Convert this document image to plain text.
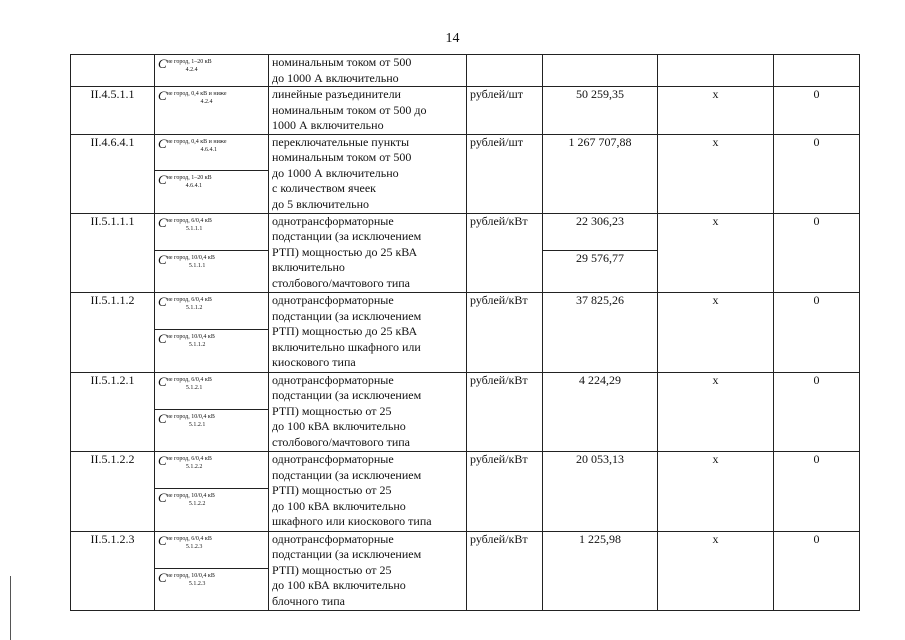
14
	$C^{не город, 1-20 кВ}_{4.2.4}$	номинальным током от 500
до 1000 А включительно				

II.4.5.1.1	$C^{не город, 0,4 кВ и ниже}_{4.2.4}$	линейные разъединители
номинальным током от 500 до
1000 А включительно	рублей/шт	50 259,35	х	0
II.4.6.4.1	$C^{не город, 0,4 кВ и ниже}_{4.6.4.1}$	переключательные пункты
номинальным током от 500
до 1000 А включительно
с количеством ячеек
до 5 включительно	рублей/шт	1 267 707,88	х	0
	$C^{не город, 1-20 кВ}_{4.6.4.1}$
II.5.1.1.1	$C^{не город, 6/0,4 кВ}_{5.1.1.1}$	однотрансформаторные
подстанции (за исключением
РТП) мощностью до 25 кВА
включительно
столбового/мачтового типа	рублей/кВт	22 306,23	х	0
	$C^{не город, 10/0,4 кВ}_{5.1.1.1}$			29 576,77		
II.5.1.1.2	$C^{не город, 6/0,4 кВ}_{5.1.1.2}$	однотрансформаторные
подстанции (за исключением
РТП) мощностью до 25 кВА
включительно шкафного или
киоскового типа	рублей/кВт	37 825,26	х	0
	$C^{не город, 10/0,4 кВ}_{5.1.1.2}$
II.5.1.2.1	$C^{не город, 6/0,4 кВ}_{5.1.2.1}$	однотрансформаторные
подстанции (за исключением
РТП) мощностью от 25
до 100 кВА включительно
столбового/мачтового типа	рублей/кВт	4 224,29	х	0
	$C^{не город, 10/0,4 кВ}_{5.1.2.1}$
II.5.1.2.2	$C^{не город, 6/0,4 кВ}_{5.1.2.2}$	однотрансформаторные
подстанции (за исключением
РТП) мощностью от 25
до 100 кВА включительно
шкафного или киоскового типа	рублей/кВт	20 053,13	х	0
	$C^{не город, 10/0,4 кВ}_{5.1.2.2}$
II.5.1.2.3	$C^{не город, 6/0,4 кВ}_{5.1.2.3}$	однотрансформаторные
подстанции (за исключением
РТП) мощностью от 25
до 100 кВА включительно
блочного типа	рублей/кВт	1 225,98	х	0
	$C^{не город, 10/0,4 кВ}_{5.1.2.3}$
